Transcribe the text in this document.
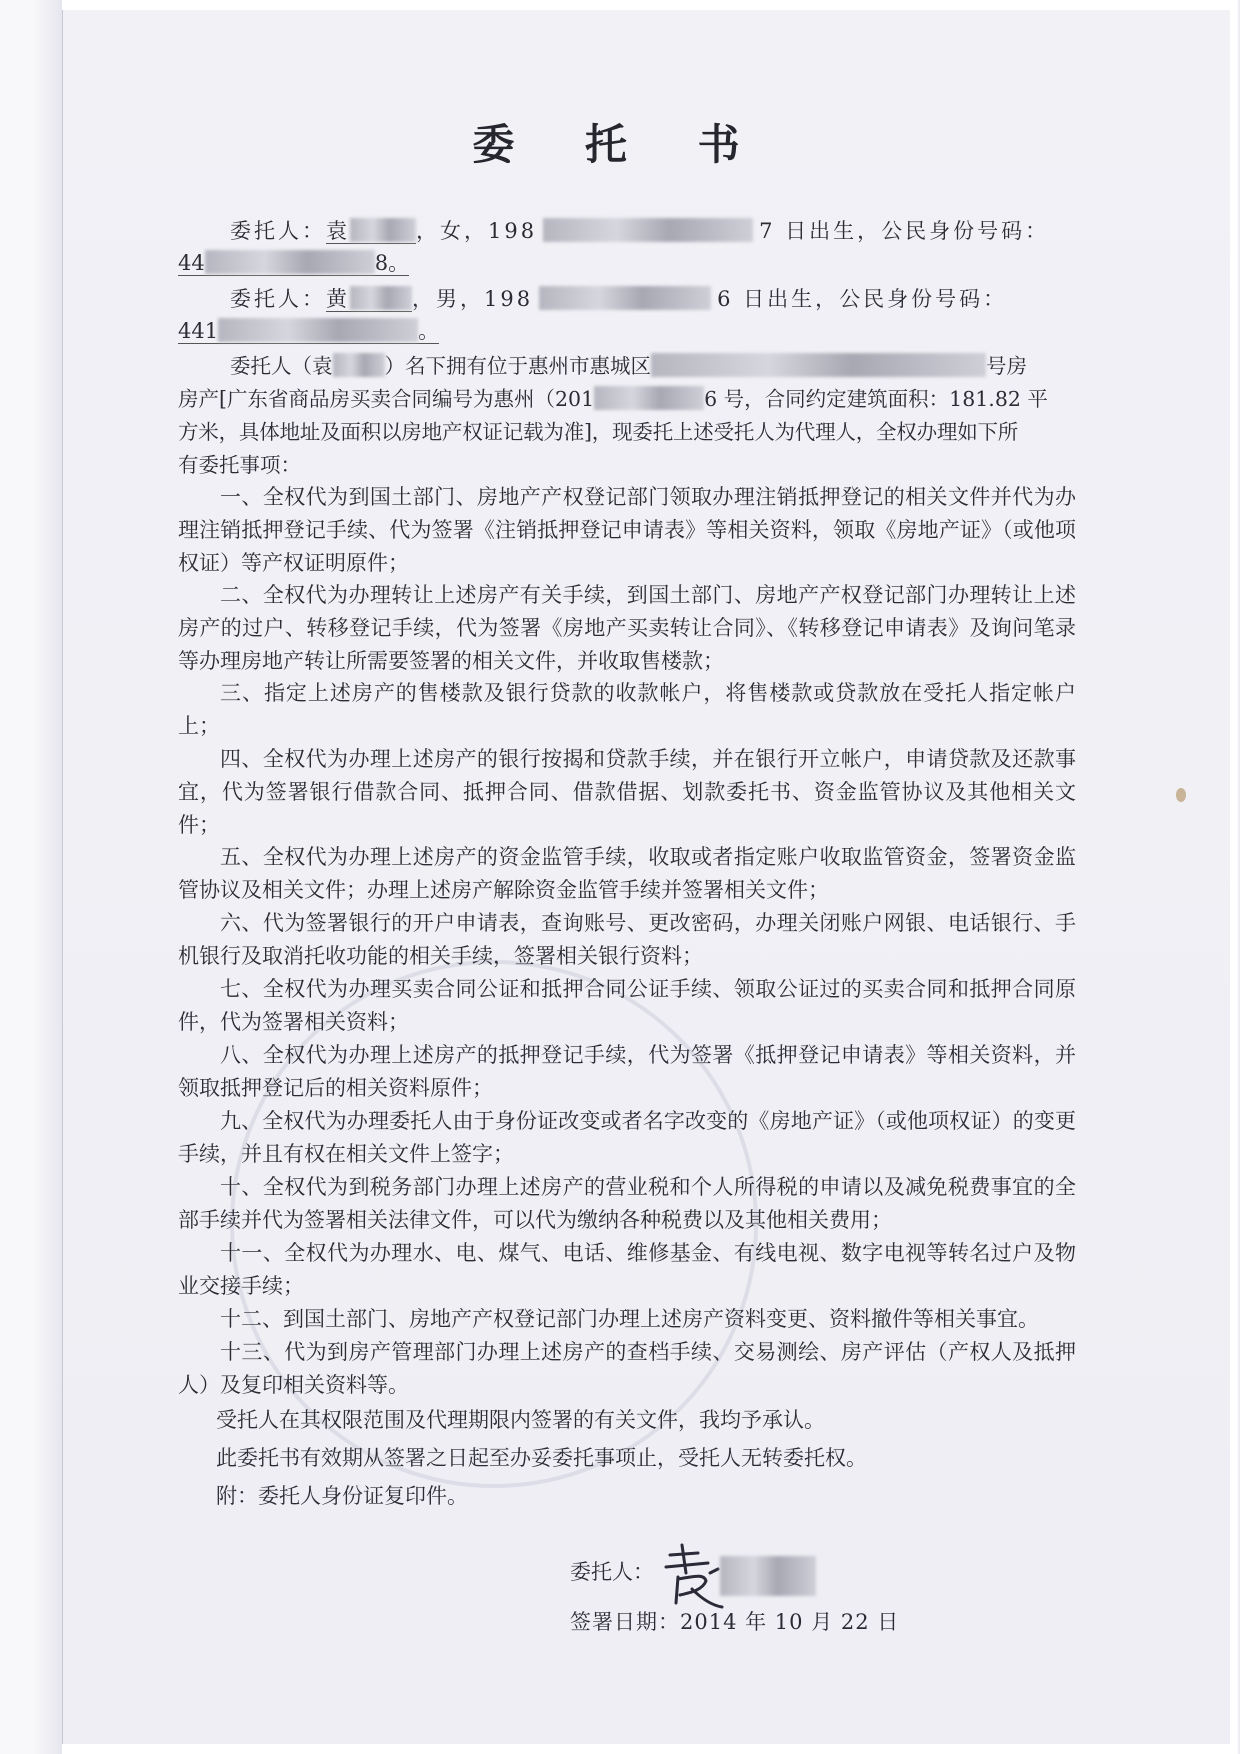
委 托 书
委托人：袁	，女，198	7 日出生，公民身份号码：
44	8。
委托人：黄	，男，198	6 日出生，公民身份号码：
441	。
委托人（袁	）名下拥有位于惠州市惠城区	号房
房产[广东省商品房买卖合同编号为惠州（201	6 号，合同约定建筑面积：181.82 平
方米，具体地址及面积以房地产权证记载为准]，现委托上述受托人为代理人，全权办理如下所
有委托事项：
一、全权代为到国土部门、房地产产权登记部门领取办理注销抵押登记的相关文件并代为办理注销抵押登记手续、代为签署《注销抵押登记申请表》等相关资料，领取《房地产证》（或他项权证）等产权证明原件；
二、全权代为办理转让上述房产有关手续，到国土部门、房地产产权登记部门办理转让上述房产的过户、转移登记手续，代为签署《房地产买卖转让合同》、《转移登记申请表》及询问笔录等办理房地产转让所需要签署的相关文件，并收取售楼款；
三、指定上述房产的售楼款及银行贷款的收款帐户，将售楼款或贷款放在受托人指定帐户上；
四、全权代为办理上述房产的银行按揭和贷款手续，并在银行开立帐户，申请贷款及还款事宜，代为签署银行借款合同、抵押合同、借款借据、划款委托书、资金监管协议及其他相关文件；
五、全权代为办理上述房产的资金监管手续，收取或者指定账户收取监管资金，签署资金监管协议及相关文件；办理上述房产解除资金监管手续并签署相关文件；
六、代为签署银行的开户申请表，查询账号、更改密码，办理关闭账户网银、电话银行、手机银行及取消托收功能的相关手续，签署相关银行资料；
七、全权代为办理买卖合同公证和抵押合同公证手续、领取公证过的买卖合同和抵押合同原件，代为签署相关资料；
八、全权代为办理上述房产的抵押登记手续，代为签署《抵押登记申请表》等相关资料，并领取抵押登记后的相关资料原件；
九、全权代为办理委托人由于身份证改变或者名字改变的《房地产证》（或他项权证）的变更手续，并且有权在相关文件上签字；
十、全权代为到税务部门办理上述房产的营业税和个人所得税的申请以及减免税费事宜的全部手续并代为签署相关法律文件，可以代为缴纳各种税费以及其他相关费用；
十一、全权代为办理水、电、煤气、电话、维修基金、有线电视、数字电视等转名过户及物业交接手续；
十二、到国土部门、房地产产权登记部门办理上述房产资料变更、资料撤件等相关事宜。
十三、代为到房产管理部门办理上述房产的查档手续、交易测绘、房产评估（产权人及抵押人）及复印相关资料等。
受托人在其权限范围及代理期限内签署的有关文件，我均予承认。
此委托书有效期从签署之日起至办妥委托事项止，受托人无转委托权。
附：委托人身份证复印件。
委托人：
签署日期：2014 年 10 月 22 日
